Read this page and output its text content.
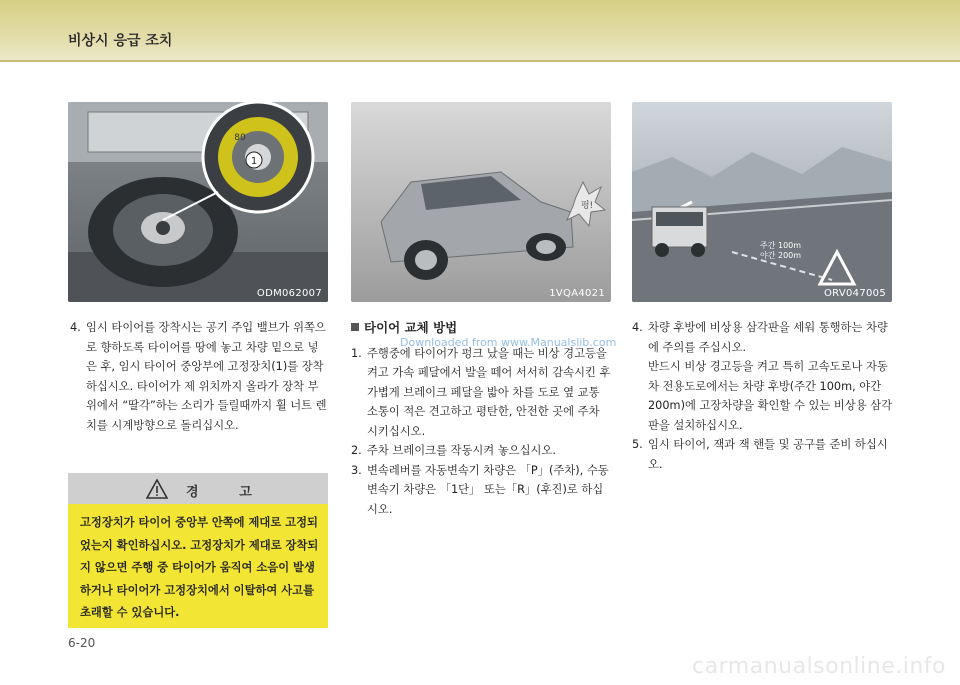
비상시 응급 조치
1
80
ODM062007
펑!
1VQA4021
주간 100m
야간 200m
ORV047005
4. 임시 타이어를 장착시는 공기 주입 밸브가 위쪽으로 향하도록 타이어를 땅에 놓고 차량 밑으로 넣은 후, 임시 타이어 중앙부에 고정장치(1)를 장착하십시오. 타이어가 제 위치까지 올라가 장착 부위에서 “딸각”하는 소리가 들릴때까지 휠 너트 렌치를 시계방향으로 돌리십시오.
경 고
고정장치가 타이어 중앙부 안쪽에 제대로 고정되었는지 확인하십시오. 고정장치가 제대로 장착되지 않으면 주행 중 타이어가 움직여 소음이 발생하거나 타이어가 고정장치에서 이탈하여 사고를 초래할 수 있습니다.
타이어 교체 방법
1. 주행중에 타이어가 펑크 났을 때는 비상 경고등을 켜고 가속 페달에서 발을 떼어 서서히 감속시킨 후 가볍게 브레이크 페달을 밟아 차를 도로 옆 교통 소통이 적은 견고하고 평탄한, 안전한 곳에 주차 시키십시오.
2. 주차 브레이크를 작동시켜 놓으십시오.
3. 변속레버를 자동변속기 차량은 「P」(주차), 수동변속기 차량은 「1단」 또는「R」(후진)로 하십시오.
4. 차량 후방에 비상용 삼각판을 세워 통행하는 차량에 주의를 주십시오.
반드시 비상 경고등을 켜고 특히 고속도로나 자동차 전용도로에서는 차량 후방(주간 100m, 야간 200m)에 고장차량을 확인할 수 있는 비상용 삼각판을 설치하십시오.
5. 임시 타이어, 잭과 잭 핸들 및 공구를 준비 하십시오.
Downloaded from www.Manualslib.com
6-20
carmanualsonline.info
